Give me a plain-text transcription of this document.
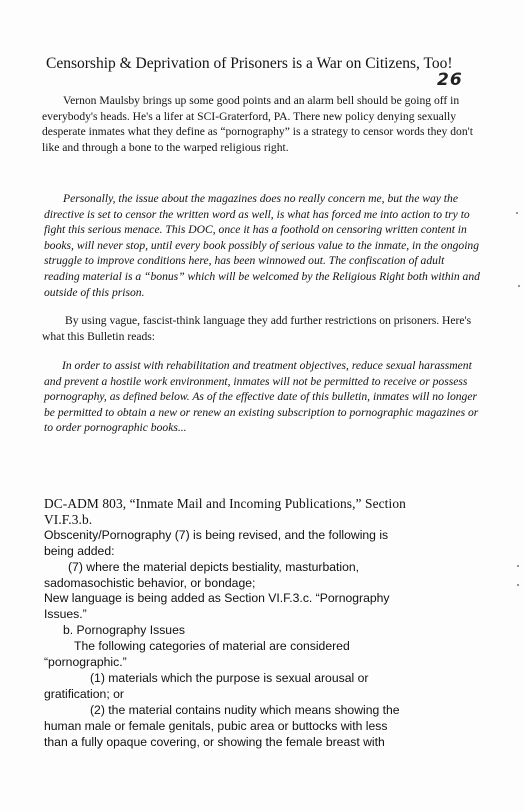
Censorship & Deprivation of Prisoners is a War on Citizens, Too!
26
Vernon Maulsby brings up some good points and an alarm bell should be going off in everybody's heads. He's a lifer at SCI-Graterford, PA. There new policy denying sexually desperate inmates what they define as “pornography” is a strategy to censor words they don't like and through a bone to the warped religious right.
Personally, the issue about the magazines does no really concern me, but the way the directive is set to censor the written word as well, is what has forced me into action to try to fight this serious menace. This DOC, once it has a foothold on censoring written content in books, will never stop, until every book possibly of serious value to the inmate, in the ongoing struggle to improve conditions here, has been winnowed out. The confiscation of adult reading material is a “bonus” which will be welcomed by the Religious Right both within and outside of this prison.
By using vague, fascist-think language they add further restrictions on prisoners. Here's what this Bulletin reads:
In order to assist with rehabilitation and treatment objectives, reduce sexual harassment and prevent a hostile work environment, inmates will not be permitted to receive or possess pornography, as defined below. As of the effective date of this bulletin, inmates will no longer be permitted to obtain a new or renew an existing subscription to pornographic magazines or to order pornographic books...
DC-ADM 803, “Inmate Mail and Incoming Publications,” Section
VI.F.3.b.
Obscenity/Pornography (7) is being revised, and the following is
being added:
(7) where the material depicts bestiality, masturbation,
sadomasochistic behavior, or bondage;
New language is being added as Section VI.F.3.c. “Pornography
Issues.”
b. Pornography Issues
The following categories of material are considered
“pornographic.”
(1) materials which the purpose is sexual arousal or
gratification; or
(2) the material contains nudity which means showing the
human male or female genitals, pubic area or buttocks with less
than a fully opaque covering, or showing the female breast with
